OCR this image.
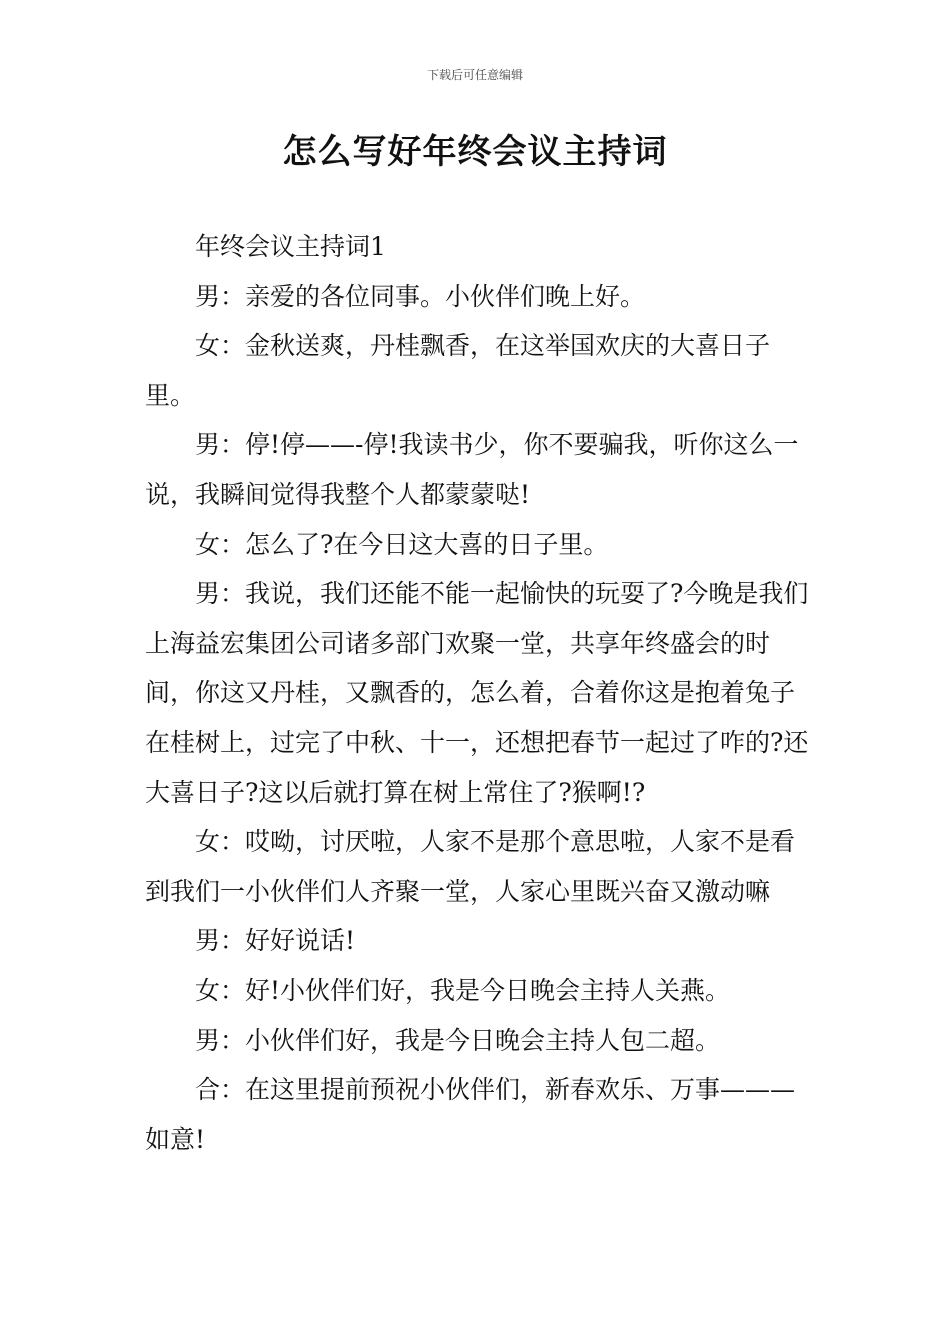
下载后可任意编辑
怎么写好年终会议主持词

年终会议主持词1

男：亲爱的各位同事。小伙伴们晚上好。

女：金秋送爽，丹桂飘香，在这举国欢庆的大喜日子里。

男：停!停——-停!我读书少，你不要骗我，听你这么一说，我瞬间觉得我整个人都蒙蒙哒!

女：怎么了?在今日这大喜的日子里。

男：我说，我们还能不能一起愉快的玩耍了?今晚是我们上海益宏集团公司诸多部门欢聚一堂，共享年终盛会的时间，你这又丹桂，又飘香的，怎么着，合着你这是抱着兔子在桂树上，过完了中秋、十一，还想把春节一起过了咋的?还大喜日子?这以后就打算在树上常住了?猴啊!?

女：哎呦，讨厌啦，人家不是那个意思啦，人家不是看到我们一小伙伴们人齐聚一堂，人家心里既兴奋又激动嘛

男：好好说话!

女：好!小伙伴们好，我是今日晚会主持人关燕。

男：小伙伴们好，我是今日晚会主持人包二超。

合：在这里提前预祝小伙伴们，新春欢乐、万事———如意!
